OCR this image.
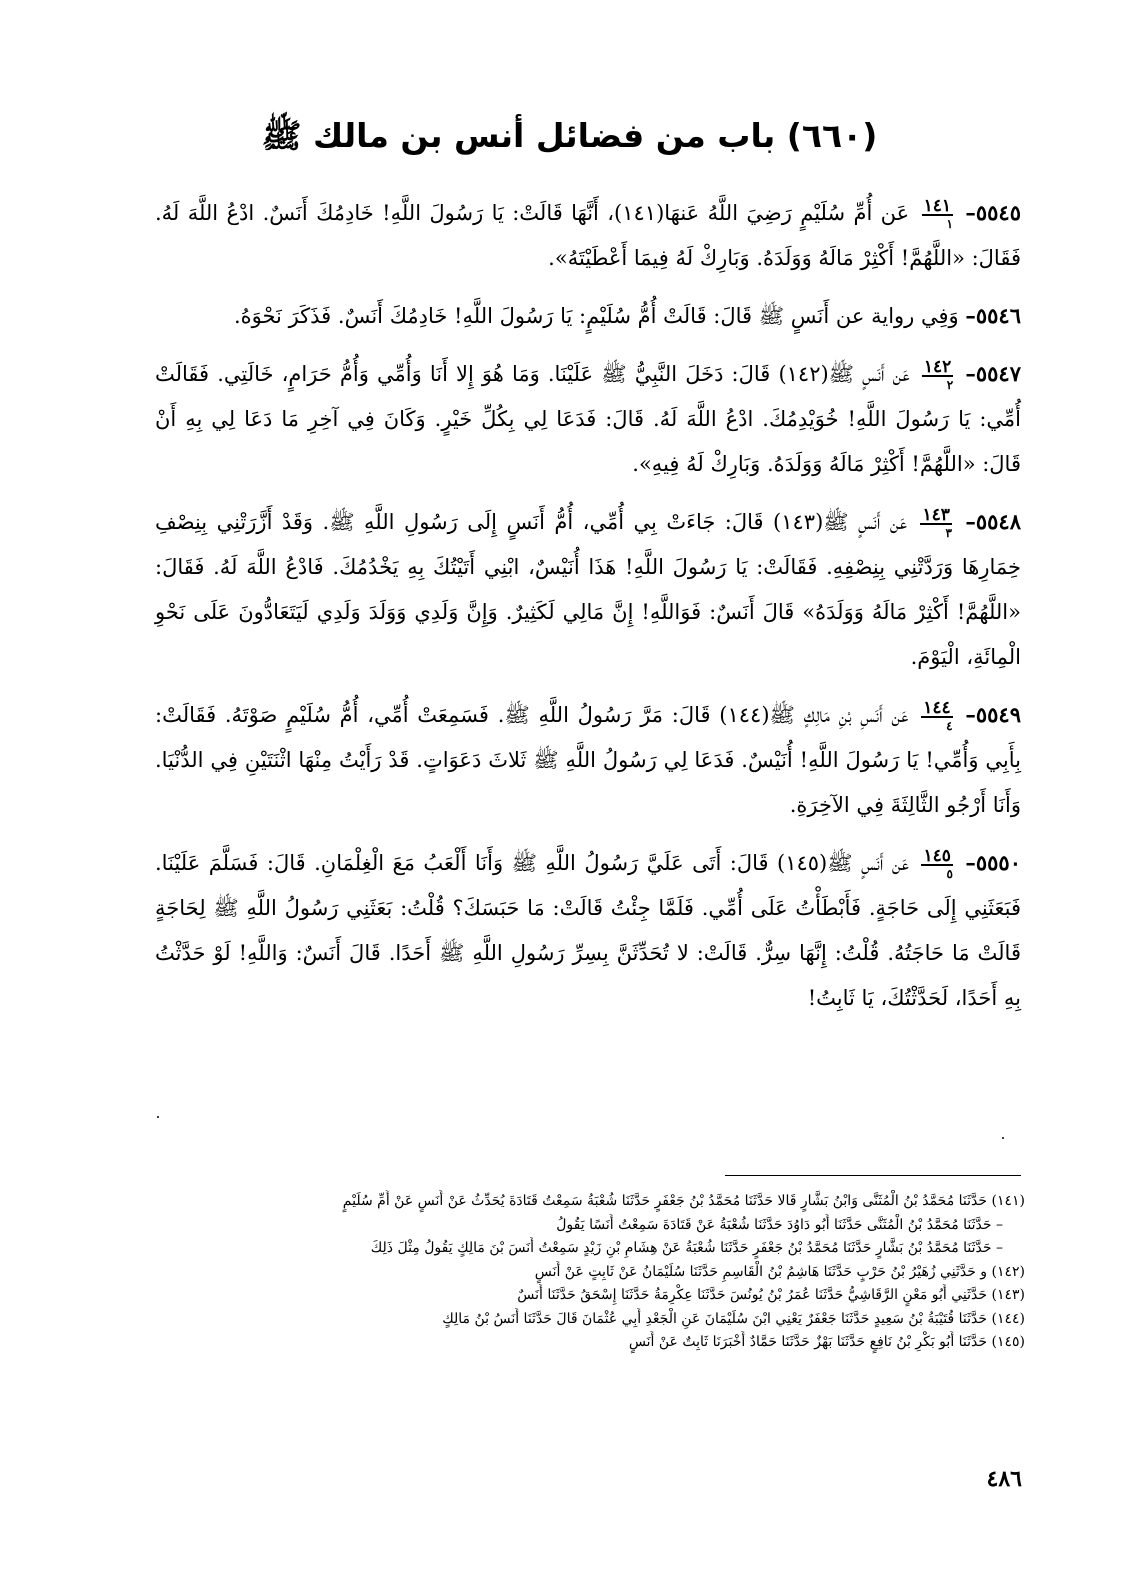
(٦٦٠) باب من فضائل أنس بن مالك ﷺ

٥٥٤٥–
١٤١
١
عَن أُمِّ سُلَيْمٍ رَضِيَ اللَّهُ عَنهَا(١٤١)، أَنَّهَا قَالَتْ: يَا رَسُولَ اللَّهِ! خَادِمُكَ أَنَسٌ. ادْعُ اللَّهَ لَهُ. فَقَالَ: «اللَّهُمَّ! أَكْثِرْ مَالَهُ وَوَلَدَهُ. وَبَارِكْ لَهُ فِيمَا أَعْطَيْتَهُ».

٥٥٤٦– وَفِي رواية عن أَنَسٍ ﷺ قَالَ: قَالَتْ أُمُّ سُلَيْمٍ: يَا رَسُولَ اللَّهِ! خَادِمُكَ أَنَسٌ. فَذَكَرَ نَحْوَهُ.

٥٥٤٧–
١٤٢
٢
عَن أَنَسٍ ﷺ(١٤٢) قَالَ: دَخَلَ النَّبِيُّ ﷺ عَلَيْنَا. وَمَا هُوَ إِلا أَنَا وَأُمِّي وَأُمُّ حَرَامٍ، خَالَتِي. فَقَالَتْ أُمِّي: يَا رَسُولَ اللَّهِ! خُوَيْدِمُكَ. ادْعُ اللَّهَ لَهُ. قَالَ: فَدَعَا لِي بِكُلِّ خَيْرٍ. وَكَانَ فِي آخِرِ مَا دَعَا لِي بِهِ أَنْ قَالَ: «اللَّهُمَّ! أَكْثِرْ مَالَهُ وَوَلَدَهُ. وَبَارِكْ لَهُ فِيهِ».

٥٥٤٨–
١٤٣
٣
عَن أَنَسٍ ﷺ(١٤٣) قَالَ: جَاءَتْ بِي أُمِّي، أُمُّ أَنَسٍ إِلَى رَسُولِ اللَّهِ ﷺ. وَقَدْ أَزَّرَتْنِي بِنِصْفِ خِمَارِهَا وَرَدَّتْنِي بِنِصْفِهِ. فَقَالَتْ: يَا رَسُولَ اللَّهِ! هَذَا أُنَيْسٌ، ابْنِي أَتَيْتُكَ بِهِ يَخْدُمُكَ. فَادْعُ اللَّهَ لَهُ. فَقَالَ: «اللَّهُمَّ! أَكْثِرْ مَالَهُ وَوَلَدَهُ» قَالَ أَنَسٌ: فَوَاللَّهِ! إِنَّ مَالِي لَكَثِيرٌ. وَإِنَّ وَلَدِي وَوَلَدَ وَلَدِي لَيَتَعَادُّونَ عَلَى نَحْوِ الْمِائَةِ، الْيَوْمَ.

٥٥٤٩–
١٤٤
٤
عَن أَنَسِ بْنِ مَالِكٍ ﷺ(١٤٤) قَالَ: مَرَّ رَسُولُ اللَّهِ ﷺ. فَسَمِعَتْ أُمِّي، أُمُّ سُلَيْمٍ صَوْتَهُ. فَقَالَتْ: بِأَبِي وَأُمِّي! يَا رَسُولَ اللَّهِ! أُنَيْسٌ. فَدَعَا لِي رَسُولُ اللَّهِ ﷺ ثَلاثَ دَعَوَاتٍ. قَدْ رَأَيْتُ مِنْهَا اثْنَتَيْنِ فِي الدُّنْيَا. وَأَنَا أَرْجُو الثَّالِثَةَ فِي الآخِرَةِ.

٥٥٥٠–
١٤٥
٥
عَن أَنَسٍ ﷺ(١٤٥) قَالَ: أَتَى عَلَيَّ رَسُولُ اللَّهِ ﷺ وَأَنَا أَلْعَبُ مَعَ الْغِلْمَانِ. قَالَ: فَسَلَّمَ عَلَيْنَا. فَبَعَثَنِي إِلَى حَاجَةٍ. فَأَبْطَأْتُ عَلَى أُمِّي. فَلَمَّا جِئْتُ قَالَتْ: مَا حَبَسَكَ؟ قُلْتُ: بَعَثَنِي رَسُولُ اللَّهِ ﷺ لِحَاجَةٍ قَالَتْ مَا حَاجَتُهُ. قُلْتُ: إِنَّهَا سِرٌّ. قَالَتْ: لا تُحَدِّثَنَّ بِسِرِّ رَسُولِ اللَّهِ ﷺ أَحَدًا. قَالَ أَنَسٌ: وَاللَّهِ! لَوْ حَدَّثْتُ بِهِ أَحَدًا، لَحَدَّثْتُكَ، يَا ثَابِتُ!

(١٤١) حَدَّثَنَا مُحَمَّدُ بْنُ الْمُثَنَّى وَابْنُ بَشَّارٍ قَالا حَدَّثَنَا مُحَمَّدُ بْنُ جَعْفَرٍ حَدَّثَنَا شُعْبَةُ سَمِعْتُ قَتَادَةَ يُحَدِّثُ عَنْ أَنَسٍ عَنْ أُمِّ سُلَيْمٍ
– حَدَّثَنَا مُحَمَّدُ بْنُ الْمُثَنَّى حَدَّثَنَا أَبُو دَاوُدَ حَدَّثَنَا شُعْبَةُ عَنْ قَتَادَةَ سَمِعْتُ أَنَسًا يَقُولُ
– حَدَّثَنَا مُحَمَّدُ بْنُ بَشَّارٍ حَدَّثَنَا مُحَمَّدُ بْنُ جَعْفَرٍ حَدَّثَنَا شُعْبَةُ عَنْ هِشَامِ بْنِ زَيْدٍ سَمِعْتُ أَنَسَ بْنَ مَالِكٍ يَقُولُ مِثْلَ ذَلِكَ
(١٤٢) و حَدَّثَنِي زُهَيْرُ بْنُ حَرْبٍ حَدَّثَنَا هَاشِمُ بْنُ الْقَاسِمِ حَدَّثَنَا سُلَيْمَانُ عَنْ ثَابِتٍ عَنْ أَنَسٍ
(١٤٣) حَدَّثَنِي أَبُو مَعْنٍ الرَّقَاشِيُّ حَدَّثَنَا عُمَرُ بْنُ يُونُسَ حَدَّثَنَا عِكْرِمَةُ حَدَّثَنَا إِسْحَقُ حَدَّثَنَا أَنَسٌ
(١٤٤) حَدَّثَنَا قُتَيْبَةُ بْنُ سَعِيدٍ حَدَّثَنَا جَعْفَرٌ يَعْنِي ابْنَ سُلَيْمَانَ عَنِ الْجَعْدِ أَبِي عُثْمَانَ قَالَ حَدَّثَنَا أَنَسُ بْنُ مَالِكٍ
(١٤٥) حَدَّثَنَا أَبُو بَكْرِ بْنُ نَافِعٍ حَدَّثَنَا بَهْزٌ حَدَّثَنَا حَمَّادٌ أَخْبَرَنَا ثَابِتٌ عَنْ أَنَسٍ
٤٨٦
